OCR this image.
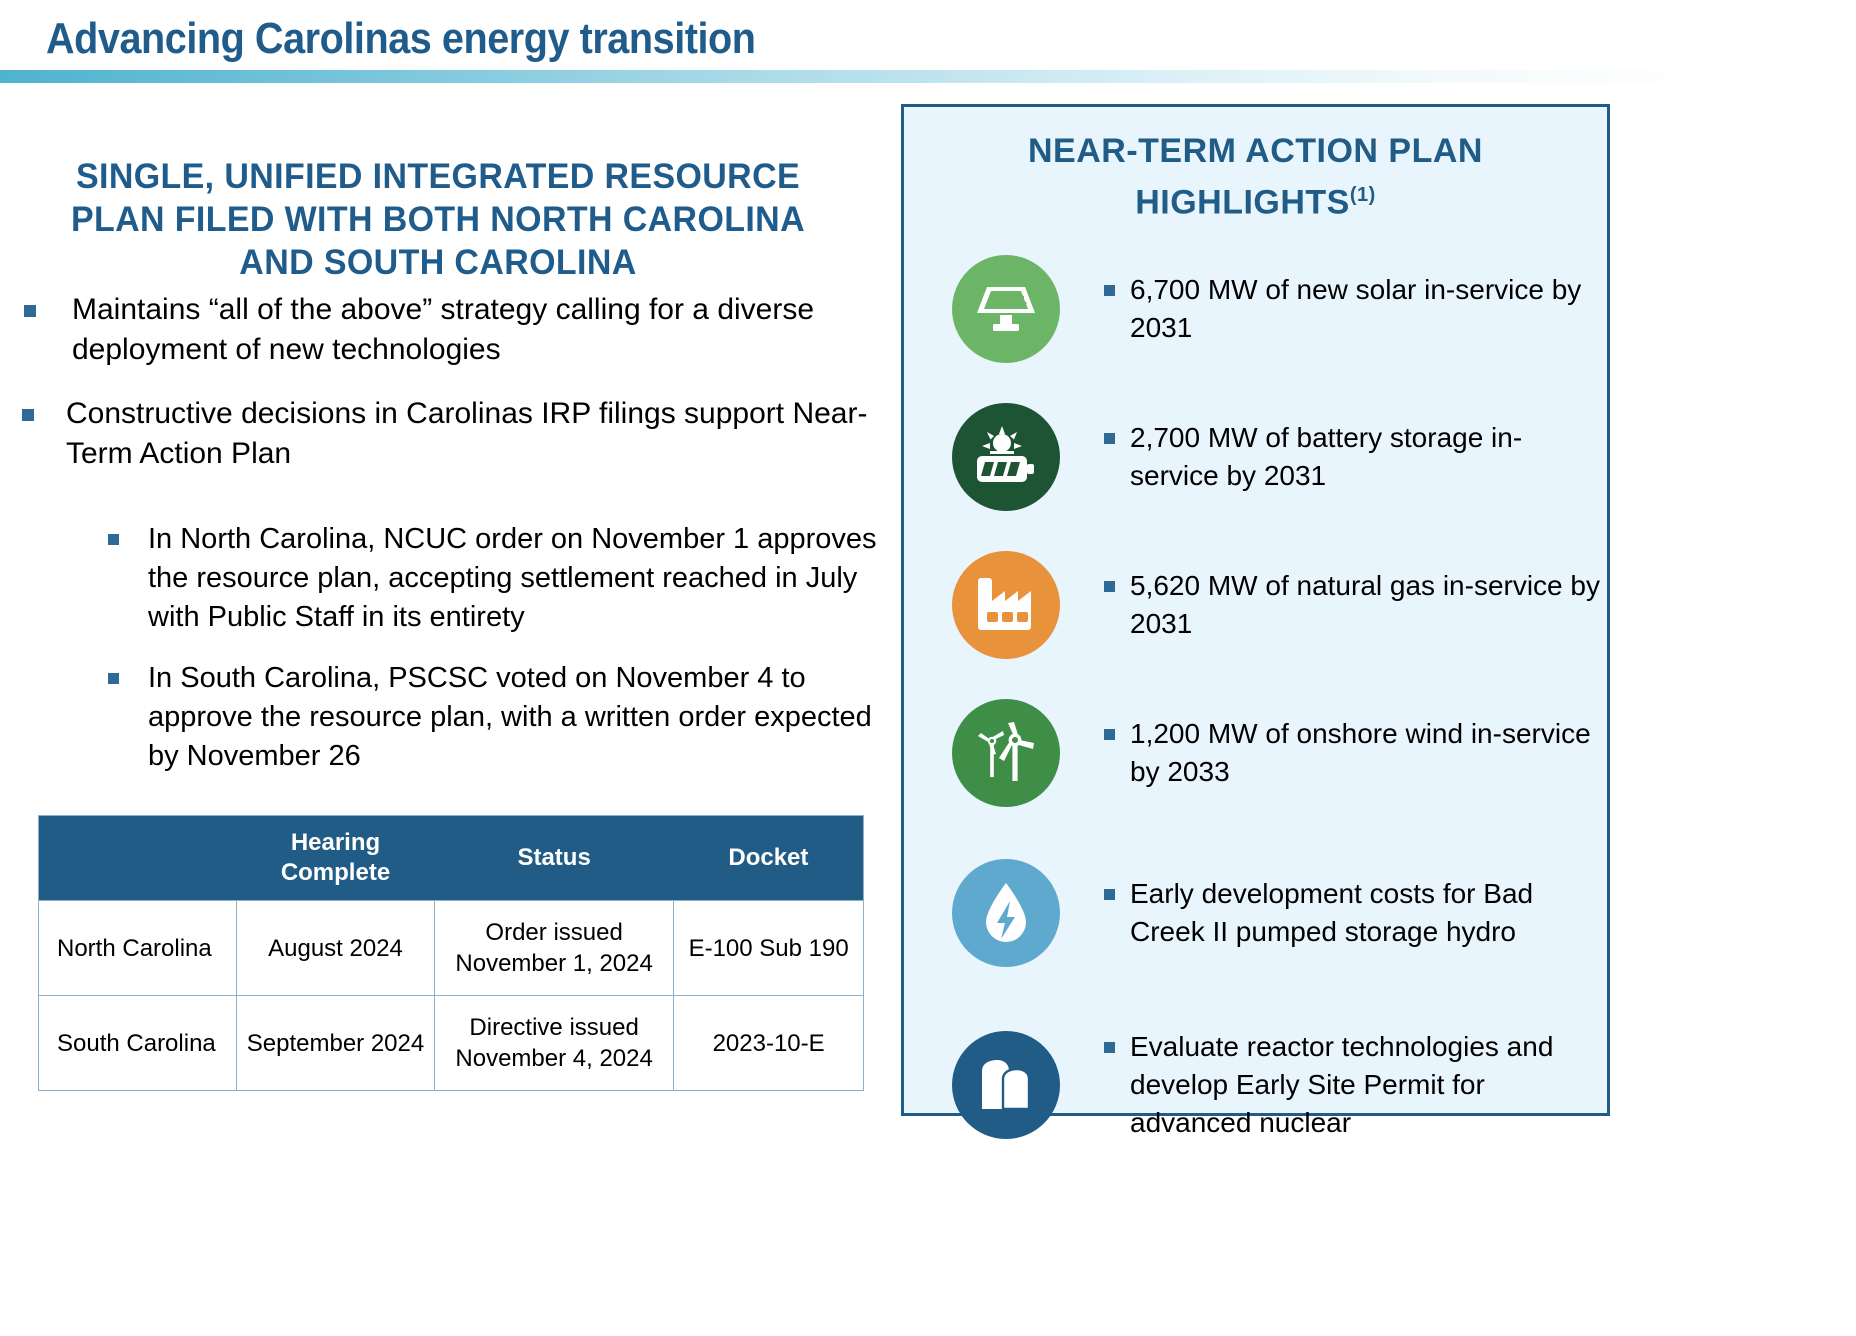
Advancing Carolinas energy transition
SINGLE, UNIFIED INTEGRATED RESOURCE PLAN FILED WITH BOTH NORTH CAROLINA AND SOUTH CAROLINA
Maintains “all of the above” strategy calling for a diverse deployment of new technologies
Constructive decisions in Carolinas IRP filings support Near-Term Action Plan
In North Carolina, NCUC order on November 1 approves the resource plan, accepting settlement reached in July with Public Staff in its entirety
In South Carolina, PSCSC voted on November 4 to approve the resource plan, with a written order expected by November 26
	Hearing Complete	Status	Docket
North Carolina	August 2024	Order issued November 1, 2024	E-100 Sub 190
South Carolina	September 2024	Directive issued November 4, 2024	2023-10-E
NEAR-TERM ACTION PLAN
HIGHLIGHTS$^{(1)}$
6,700 MW of new solar in-service by 2031
2,700 MW of battery storage in-service by 2031
5,620 MW of natural gas in-service by 2031
1,200 MW of onshore wind in-service by 2033
Early development costs for Bad Creek II pumped storage hydro
Evaluate reactor technologies and develop Early Site Permit for advanced nuclear
